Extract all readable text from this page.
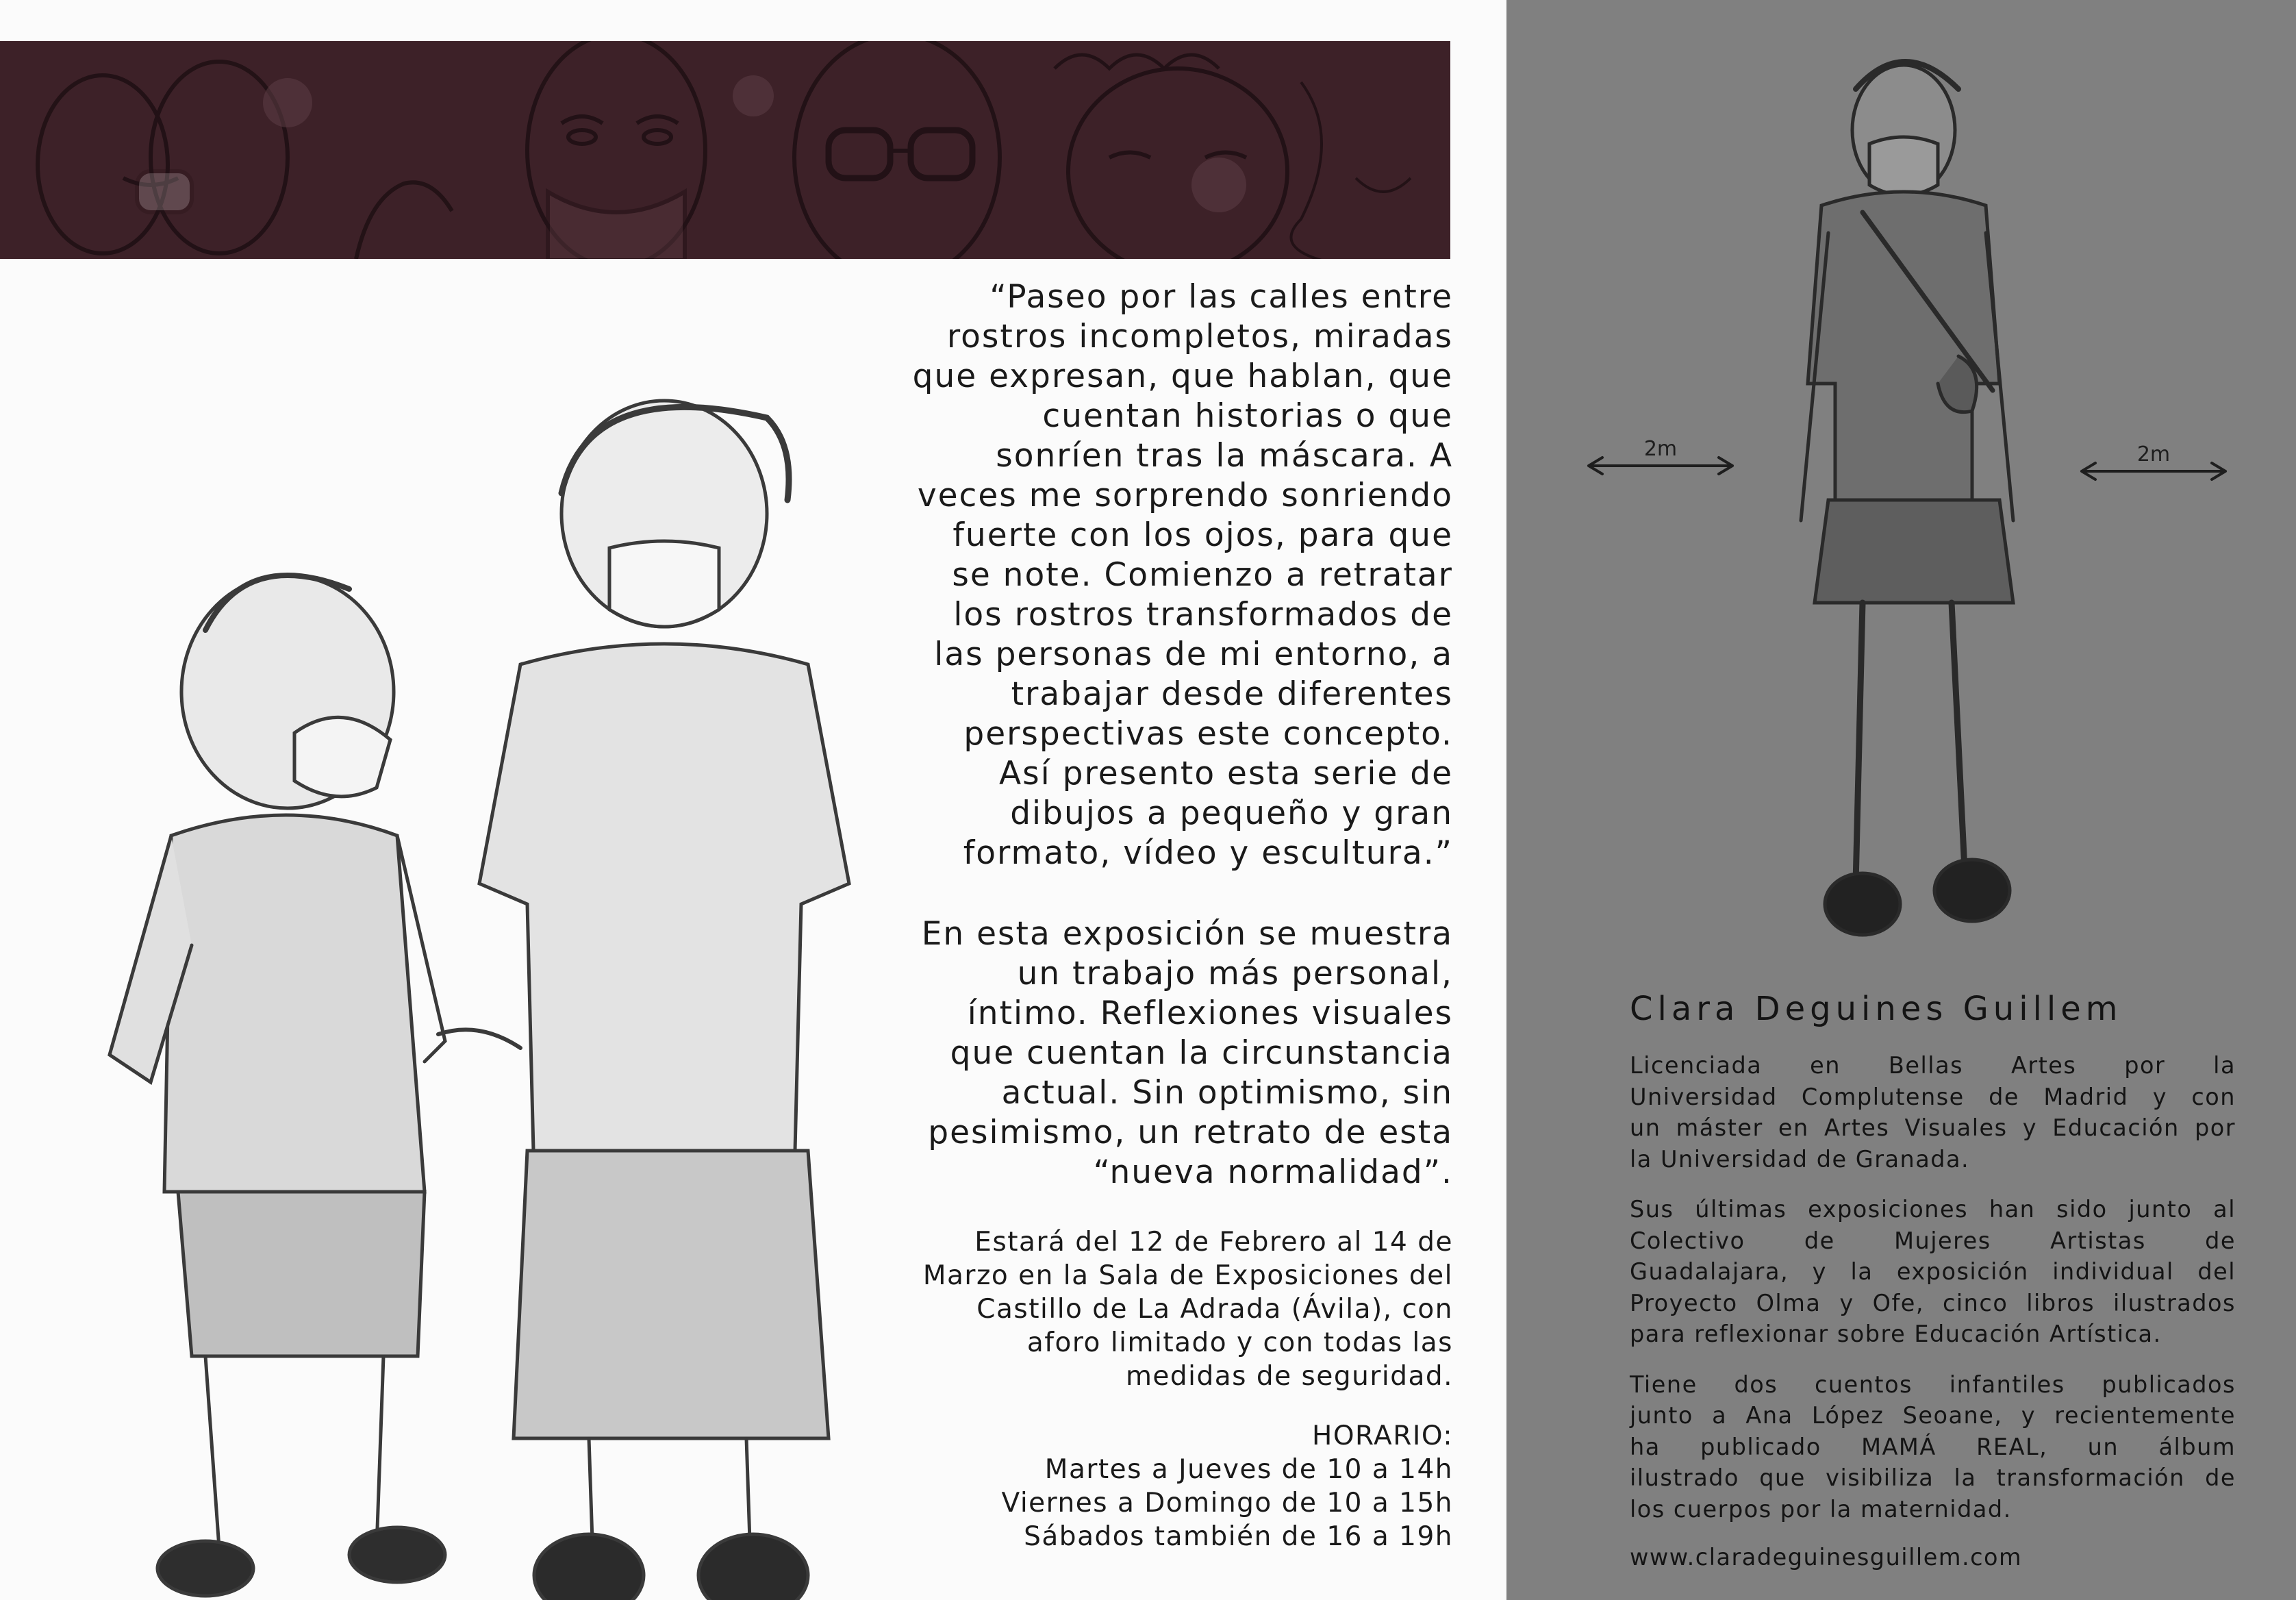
“Paseo por las calles entre
rostros incompletos, miradas
que expresan, que hablan, que
cuentan historias o que
sonríen tras la máscara. A
veces me sorprendo sonriendo
fuerte con los ojos, para que
se note. Comienzo a retratar
los rostros transformados de
las personas de mi entorno, a
trabajar desde diferentes
perspectivas este concepto.
Así presento esta serie de
dibujos a pequeño y gran
formato, vídeo y escultura.”

En esta exposición se muestra
un trabajo más personal,
íntimo. Reflexiones visuales
que cuentan la circunstancia
actual. Sin optimismo, sin
pesimismo, un retrato de esta
“nueva normalidad”.

Estará del 12 de Febrero al 14 de
Marzo en la Sala de Exposiciones del
Castillo de La Adrada (Ávila), con
aforo limitado y con todas las
medidas de seguridad.

HORARIO:
Martes a Jueves de 10 a 14h
Viernes a Domingo de 10 a 15h
Sábados también de 16 a 19h

2m	2m
Clara Deguines Guillem

Licenciada en Bellas Artes por la
Universidad Complutense de Madrid y con
un máster en Artes Visuales y Educación por
la Universidad de Granada.

Sus últimas exposiciones han sido junto al
Colectivo de Mujeres Artistas de
Guadalajara, y la exposición individual del
Proyecto Olma y Ofe, cinco libros ilustrados
para reflexionar sobre Educación Artística.

Tiene dos cuentos infantiles publicados
junto a Ana López Seoane, y recientemente
ha publicado MAMÁ REAL, un álbum
ilustrado que visibiliza la transformación de
los cuerpos por la maternidad.

www.claradeguinesguillem.com
